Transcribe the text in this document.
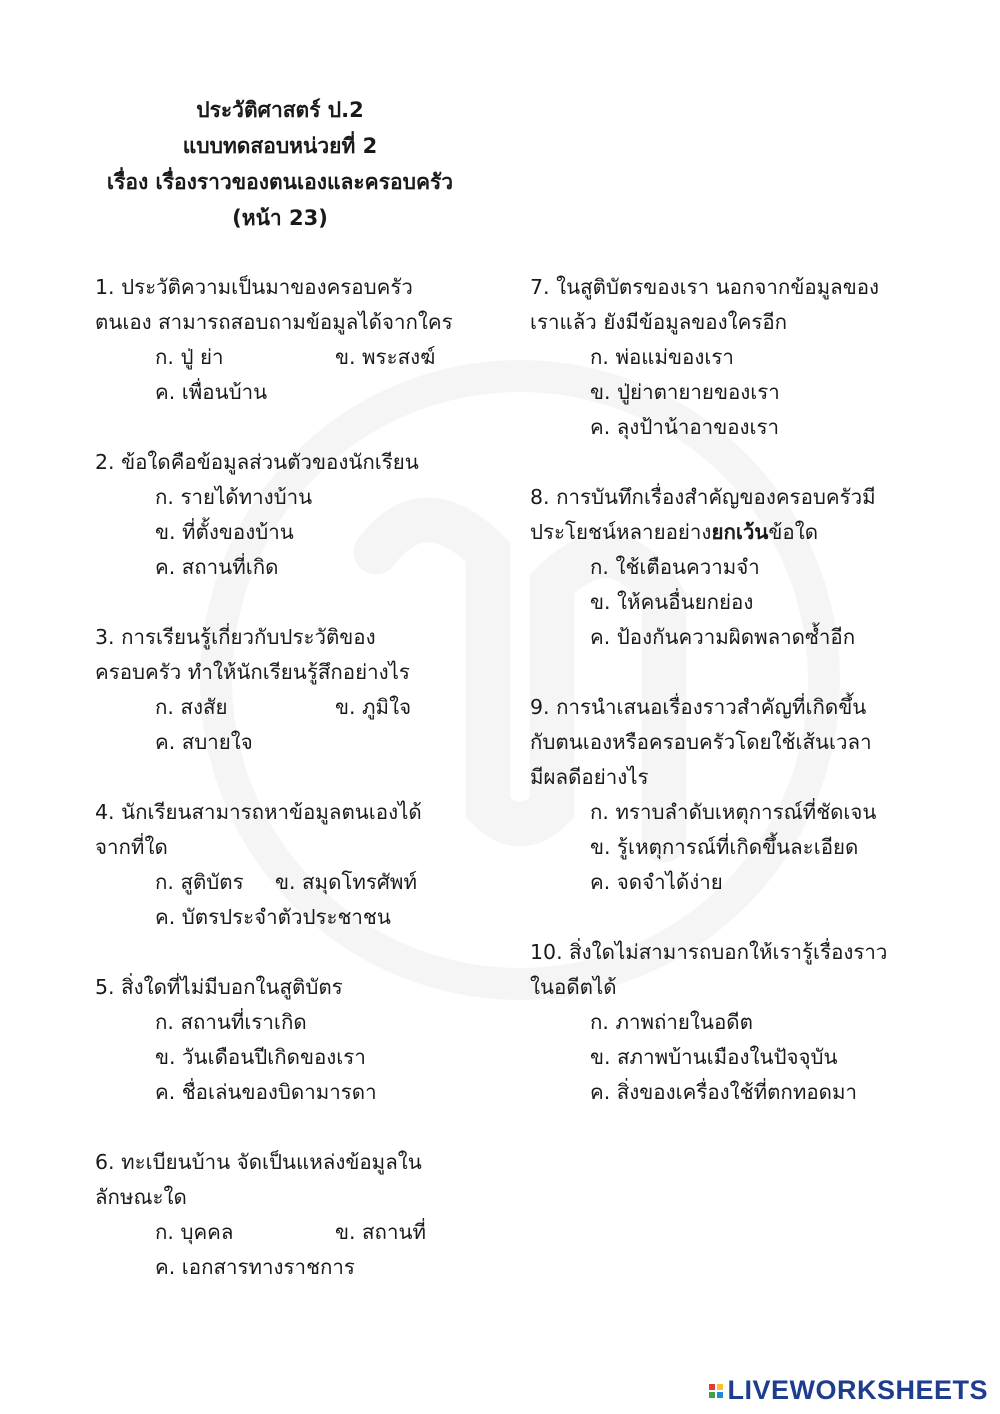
ประวัติศาสตร์ ป.2
แบบทดสอบหน่วยที่ 2
เรื่อง เรื่องราวของตนเองและครอบครัว
(หน้า 23)
1. ประวัติความเป็นมาของครอบครัว
ตนเอง สามารถสอบถามข้อมูลได้จากใคร
ก. ปู่ ย่า	ข. พระสงฆ์
ค. เพื่อนบ้าน
2. ข้อใดคือข้อมูลส่วนตัวของนักเรียน
ก. รายได้ทางบ้าน
ข. ที่ตั้งของบ้าน
ค. สถานที่เกิด
3. การเรียนรู้เกี่ยวกับประวัติของ
ครอบครัว ทำให้นักเรียนรู้สึกอย่างไร
ก. สงสัย	ข. ภูมิใจ
ค. สบายใจ
4. นักเรียนสามารถหาข้อมูลตนเองได้
จากที่ใด
ก. สูติบัตร ข. สมุดโทรศัพท์
ค. บัตรประจำตัวประชาชน
5. สิ่งใดที่ไม่มีบอกในสูติบัตร
ก. สถานที่เราเกิด
ข. วันเดือนปีเกิดของเรา
ค. ชื่อเล่นของบิดามารดา
6. ทะเบียนบ้าน จัดเป็นแหล่งข้อมูลใน
ลักษณะใด
ก. บุคคล	ข. สถานที่
ค. เอกสารทางราชการ
7. ในสูติบัตรของเรา นอกจากข้อมูลของ
เราแล้ว ยังมีข้อมูลของใครอีก
ก. พ่อแม่ของเรา
ข. ปู่ย่าตายายของเรา
ค. ลุงป้าน้าอาของเรา
8. การบันทึกเรื่องสำคัญของครอบครัวมี
ประโยชน์หลายอย่างยกเว้นข้อใด
ก. ใช้เตือนความจำ
ข. ให้คนอื่นยกย่อง
ค. ป้องกันความผิดพลาดซ้ำอีก
9. การนำเสนอเรื่องราวสำคัญที่เกิดขึ้น
กับตนเองหรือครอบครัวโดยใช้เส้นเวลา
มีผลดีอย่างไร
ก. ทราบลำดับเหตุการณ์ที่ชัดเจน
ข. รู้เหตุการณ์ที่เกิดขึ้นละเอียด
ค. จดจำได้ง่าย
10. สิ่งใดไม่สามารถบอกให้เรารู้เรื่องราว
ในอดีตได้
ก. ภาพถ่ายในอดีต
ข. สภาพบ้านเมืองในปัจจุบัน
ค. สิ่งของเครื่องใช้ที่ตกทอดมา
LIVEWORKSHEETS
